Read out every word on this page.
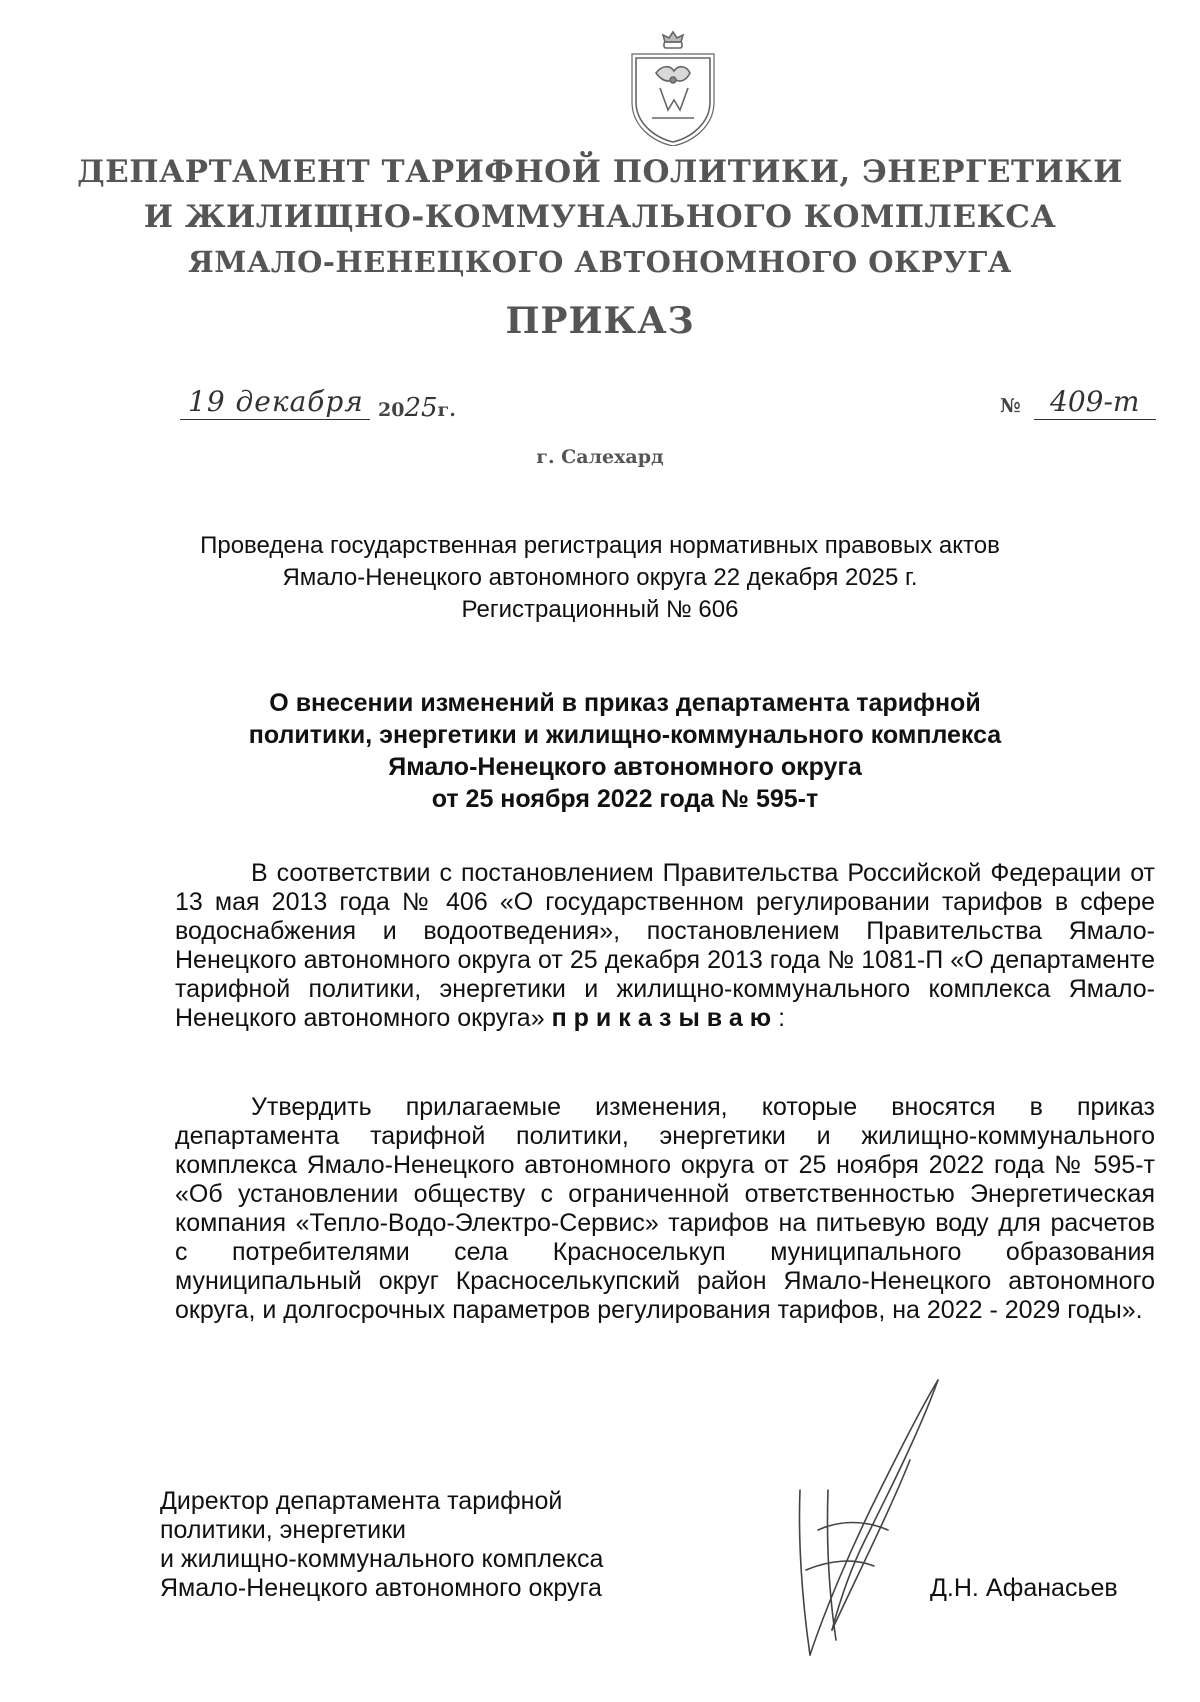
ДЕПАРТАМЕНТ ТАРИФНОЙ ПОЛИТИКИ, ЭНЕРГЕТИКИ
И ЖИЛИЩНО-КОММУНАЛЬНОГО КОМПЛЕКСА
ЯМАЛО-НЕНЕЦКОГО АВТОНОМНОГО ОКРУГА
ПРИКАЗ
19 декабря 2025г.	№ 409-т
г. Салехард
Проведена государственная регистрация нормативных правовых актов
Ямало-Ненецкого автономного округа 22 декабря 2025 г.
Регистрационный № 606
О внесении изменений в приказ департамента тарифной
политики, энергетики и жилищно-коммунального комплекса
Ямало-Ненецкого автономного округа
от 25 ноября 2022 года № 595-т

В соответствии с постановлением Правительства Российской Федерации от 13 мая 2013 года № 406 «О государственном регулировании тарифов в сфере водоснабжения и водоотведения», постановлением Правительства Ямало-Ненецкого автономного округа от 25 декабря 2013 года № 1081-П «О департаменте тарифной политики, энергетики и жилищно-коммунального комплекса Ямало-Ненецкого автономного округа» приказываю:

Утвердить прилагаемые изменения, которые вносятся в приказ департамента тарифной политики, энергетики и жилищно-коммунального комплекса Ямало-Ненецкого автономного округа от 25 ноября 2022 года № 595-т «Об установлении обществу с ограниченной ответственностью Энергетическая компания «Тепло-Водо-Электро-Сервис» тарифов на питьевую воду для расчетов с потребителями села Красноселькуп муниципального образования муниципальный округ Красноселькупский район Ямало-Ненецкого автономного округа, и долгосрочных параметров регулирования тарифов, на 2022 - 2029 годы».

Директор департамента тарифной
политики, энергетики
и жилищно-коммунального комплекса
Ямало-Ненецкого автономного округа	Д.Н. Афанасьев
